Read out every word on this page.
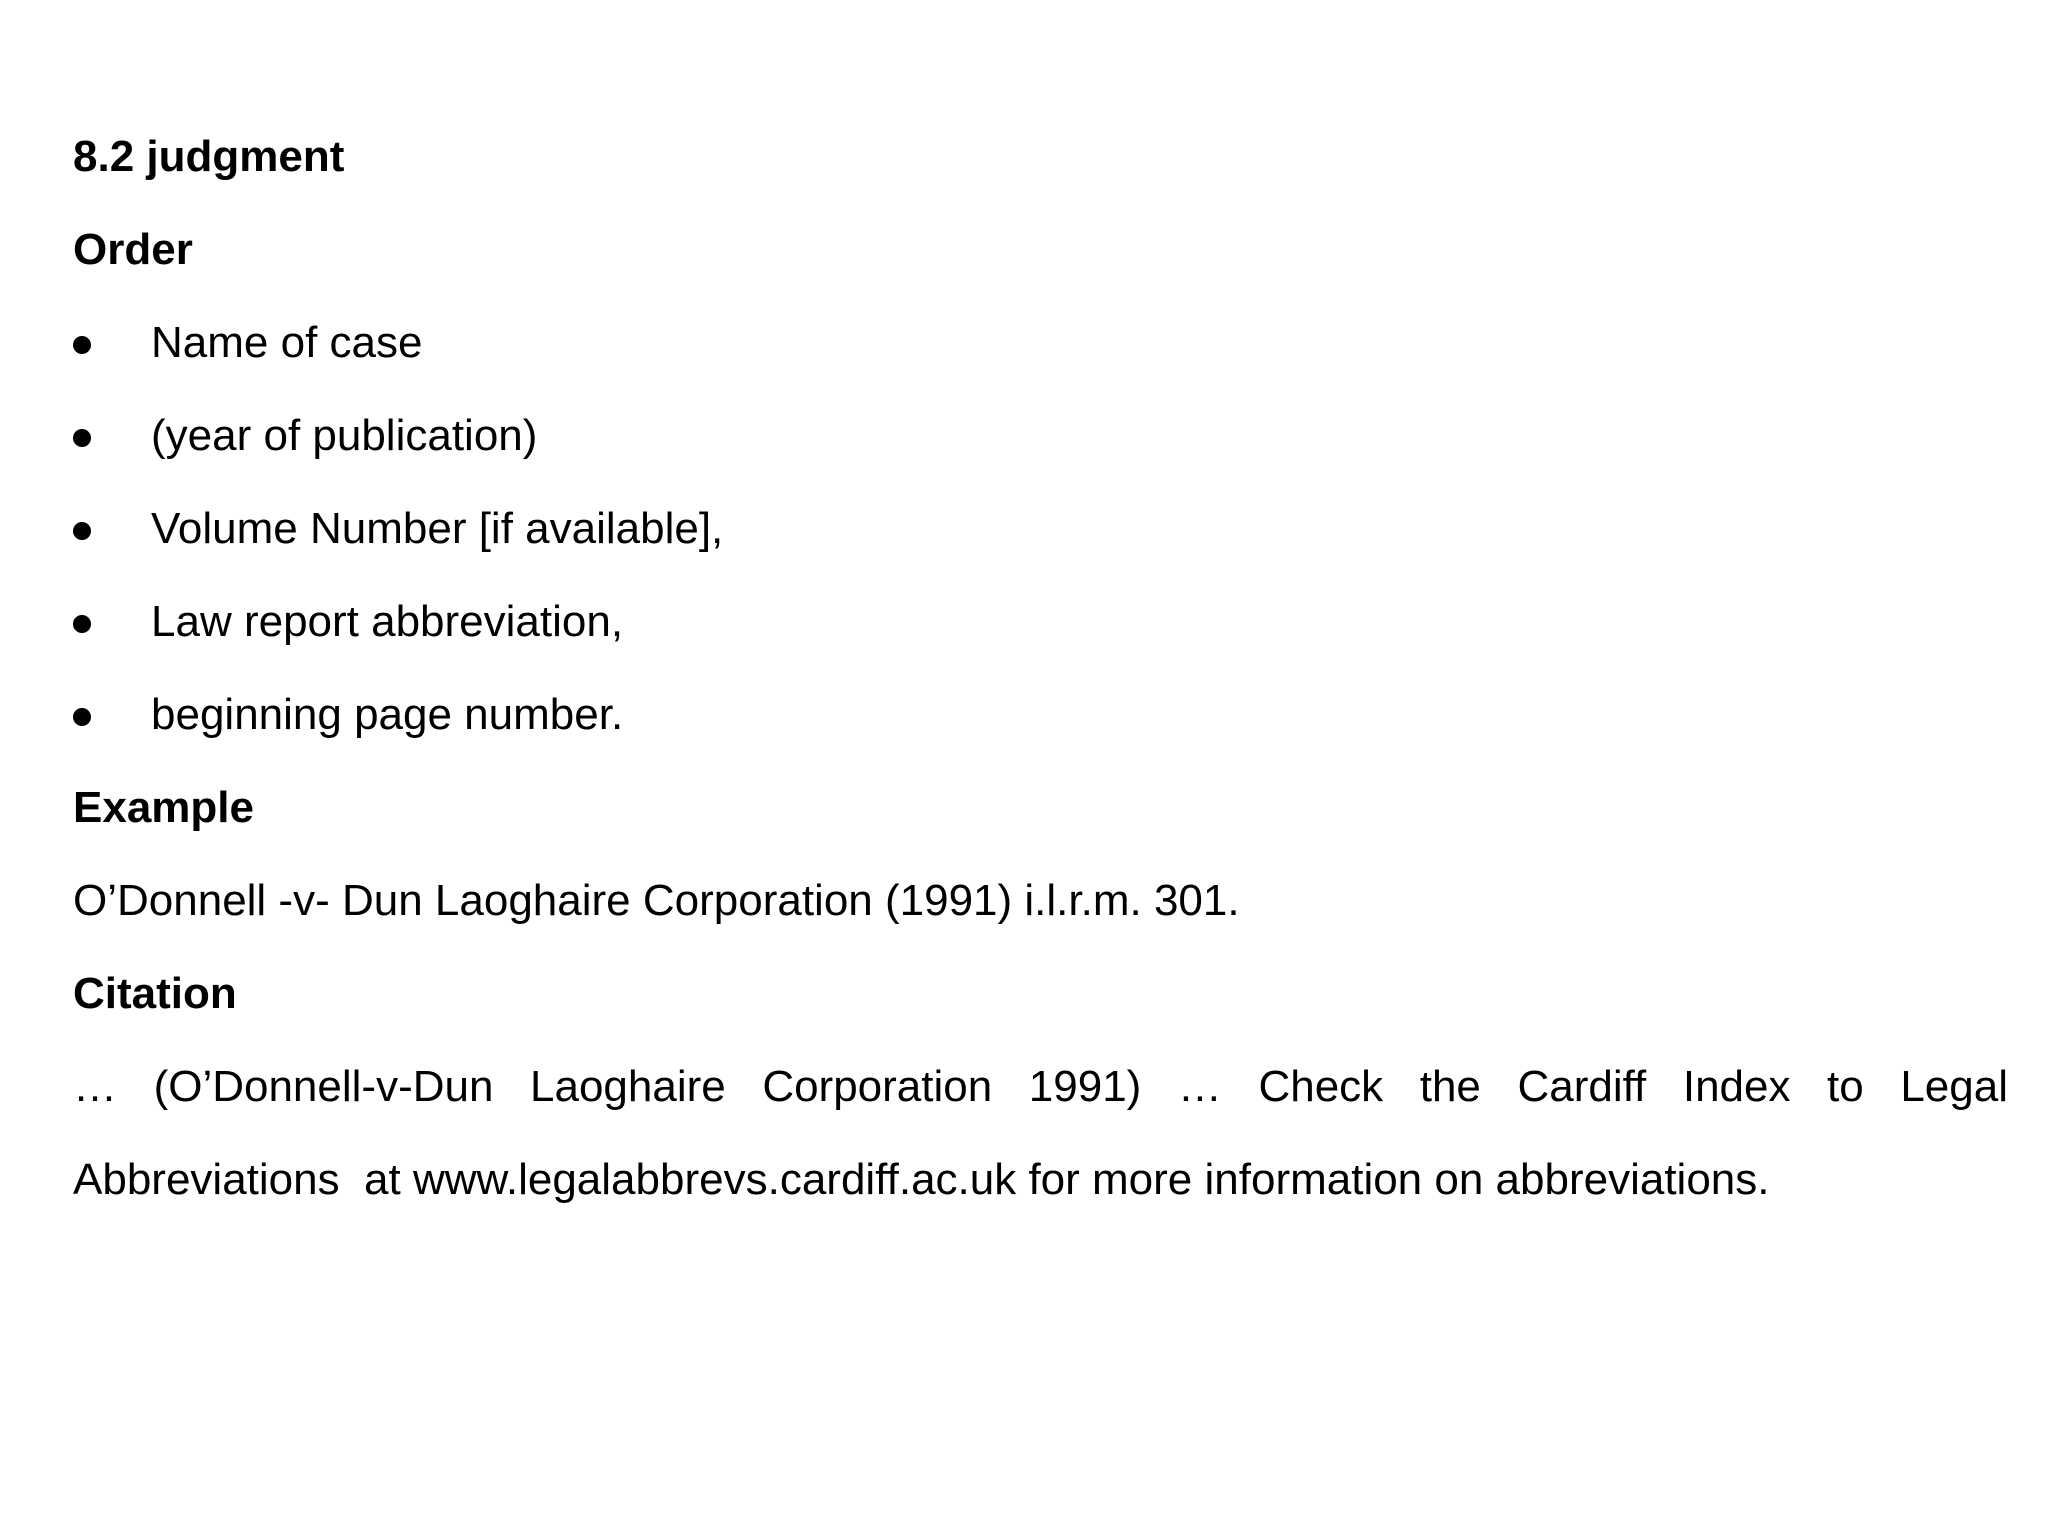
8.2 judgment
Order
Name of case
(year of publication)
Volume Number [if available],
Law report abbreviation,
beginning page number.
Example
O’Donnell -v- Dun Laoghaire Corporation (1991) i.l.r.m. 301.
Citation
… (O’Donnell-v-Dun Laoghaire Corporation 1991) … Check the Cardiff Index to Legal
Abbreviations  at www.legalabbrevs.cardiff.ac.uk for more information on abbreviations.
